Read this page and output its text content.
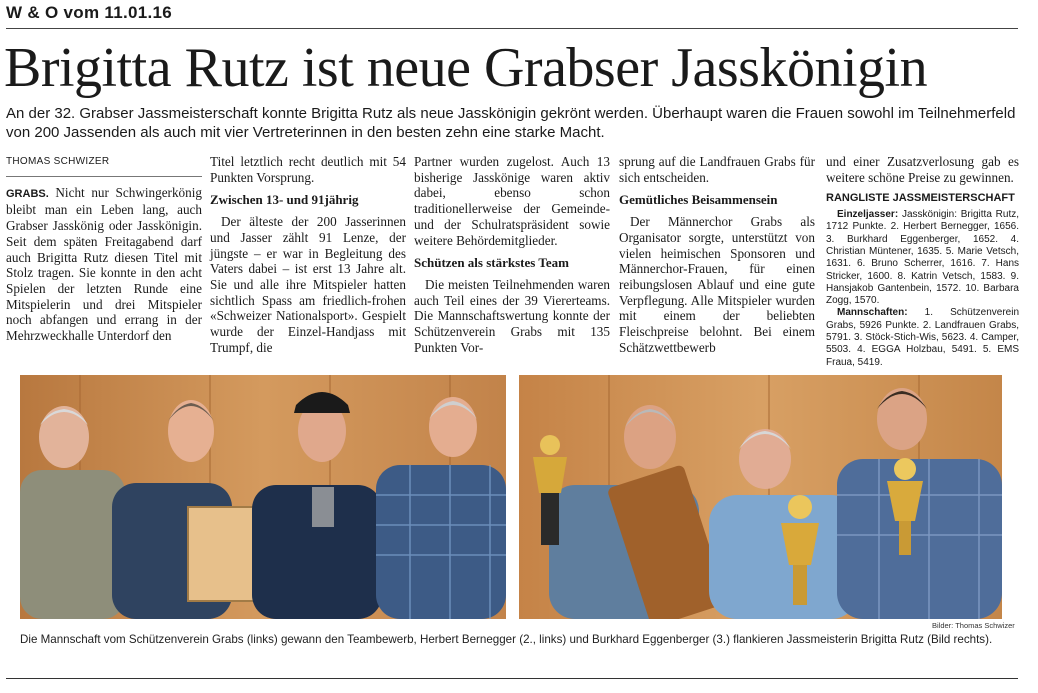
W & O vom 11.01.16
Brigitta Rutz ist neue Grabser Jasskönigin
An der 32. Grabser Jassmeisterschaft konnte Brigitta Rutz als neue Jasskönigin gekrönt werden. Überhaupt waren die Frauen sowohl im Teilnehmerfeld von 200 Jassenden als auch mit vier Vertreterinnen in den besten zehn eine starke Macht.

THOMAS SCHWIZER

GRABS. Nicht nur Schwingerkönig bleibt man ein Leben lang, auch Grabser Jasskönig oder Jasskönigin. Seit dem späten Freitagabend darf auch Brigitta Rutz diesen Titel mit Stolz tragen. Sie konnte in den acht Spielen der letzten Runde eine Mitspielerin und drei Mitspieler noch abfangen und errang in der Mehrzweckhalle Unterdorf den

Titel letztlich recht deutlich mit 54 Punkten Vorsprung.

Zwischen 13- und 91jährig

Der älteste der 200 Jasserinnen und Jasser zählt 91 Lenze, der jüngste – er war in Begleitung des Vaters dabei – ist erst 13 Jahre alt. Sie und alle ihre Mitspieler hatten sichtlich Spass am friedlich-frohen «Schweizer Nationalsport». Gespielt wurde der Einzel-Handjass mit Trumpf, die

Partner wurden zugelost. Auch 13 bisherige Jasskönige waren aktiv dabei, ebenso schon traditionellerweise der Gemeinde- und der Schulratspräsident sowie weitere Behördemitglieder.

Schützen als stärkstes Team

Die meisten Teilnehmenden waren auch Teil eines der 39 Viererteams. Die Mannschaftswertung konnte der Schützenverein Grabs mit 135 Punkten Vor-

sprung auf die Landfrauen Grabs für sich entscheiden.

Gemütliches Beisammensein

Der Männerchor Grabs als Organisator sorgte, unterstützt von vielen heimischen Sponsoren und Männerchor-Frauen, für einen reibungslosen Ablauf und eine gute Verpflegung. Alle Mitspieler wurden mit einem der beliebten Fleischpreise belohnt. Bei einem Schätzwettbewerb

und einer Zusatzverlosung gab es weitere schöne Preise zu gewinnen.

RANGLISTE JASSMEISTERSCHAFT

Einzeljasser: Jasskönigin: Brigitta Rutz, 1712 Punkte. 2. Herbert Bernegger, 1656. 3. Burkhard Eggenberger, 1652. 4. Christian Müntener, 1635. 5. Marie Vetsch, 1631. 6. Bruno Scherrer, 1616. 7. Hans Stricker, 1600. 8. Katrin Vetsch, 1583. 9. Hansjakob Gantenbein, 1572. 10. Barbara Zogg, 1570.

Mannschaften: 1. Schützenverein Grabs, 5926 Punkte. 2. Landfrauen Grabs, 5791. 3. Stöck-Stich-Wis, 5623. 4. Camper, 5503. 4. EGGA Holzbau, 5491. 5. EMS Fraua, 5419.

Bilder: Thomas Schwizer
Die Mannschaft vom Schützenverein Grabs (links) gewann den Teambewerb, Herbert Bernegger (2., links) und Burkhard Eggenberger (3.) flankieren Jassmeisterin Brigitta Rutz (Bild rechts).
